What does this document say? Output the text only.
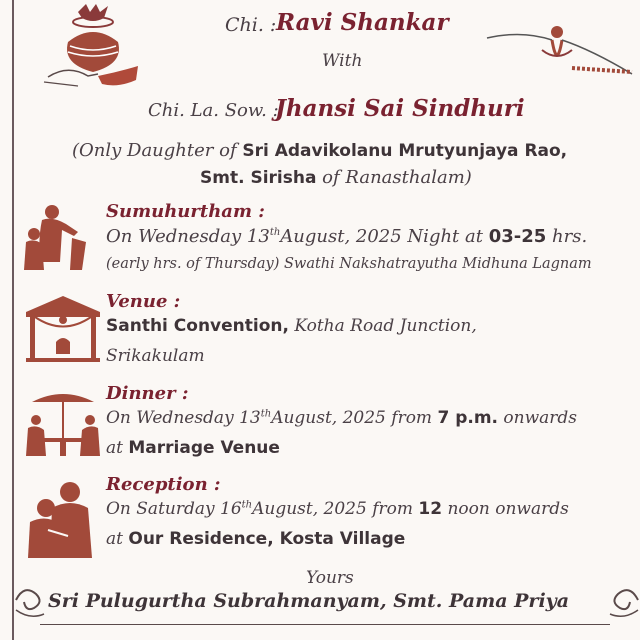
Chi. : Ravi Shankar
With
Chi. La. Sow. :
Jhansi Sai Sindhuri
(Only Daughter of Sri Adavikolanu Mrutyunjaya Rao,
Smt. Sirisha of Ranasthalam)
Sumuhurtham :
On Wednesday 13thAugust, 2025 Night at 03-25 hrs.
(early hrs. of Thursday) Swathi Nakshatrayutha Midhuna Lagnam
Venue :
Santhi Convention, Kotha Road Junction,
Srikakulam
Dinner :
On Wednesday 13thAugust, 2025 from 7 p.m. onwards
at Marriage Venue
Reception :
On Saturday 16thAugust, 2025 from 12 noon onwards
at Our Residence, Kosta Village
Yours
Sri Pulugurtha Subrahmanyam, Smt. Pama Priya
